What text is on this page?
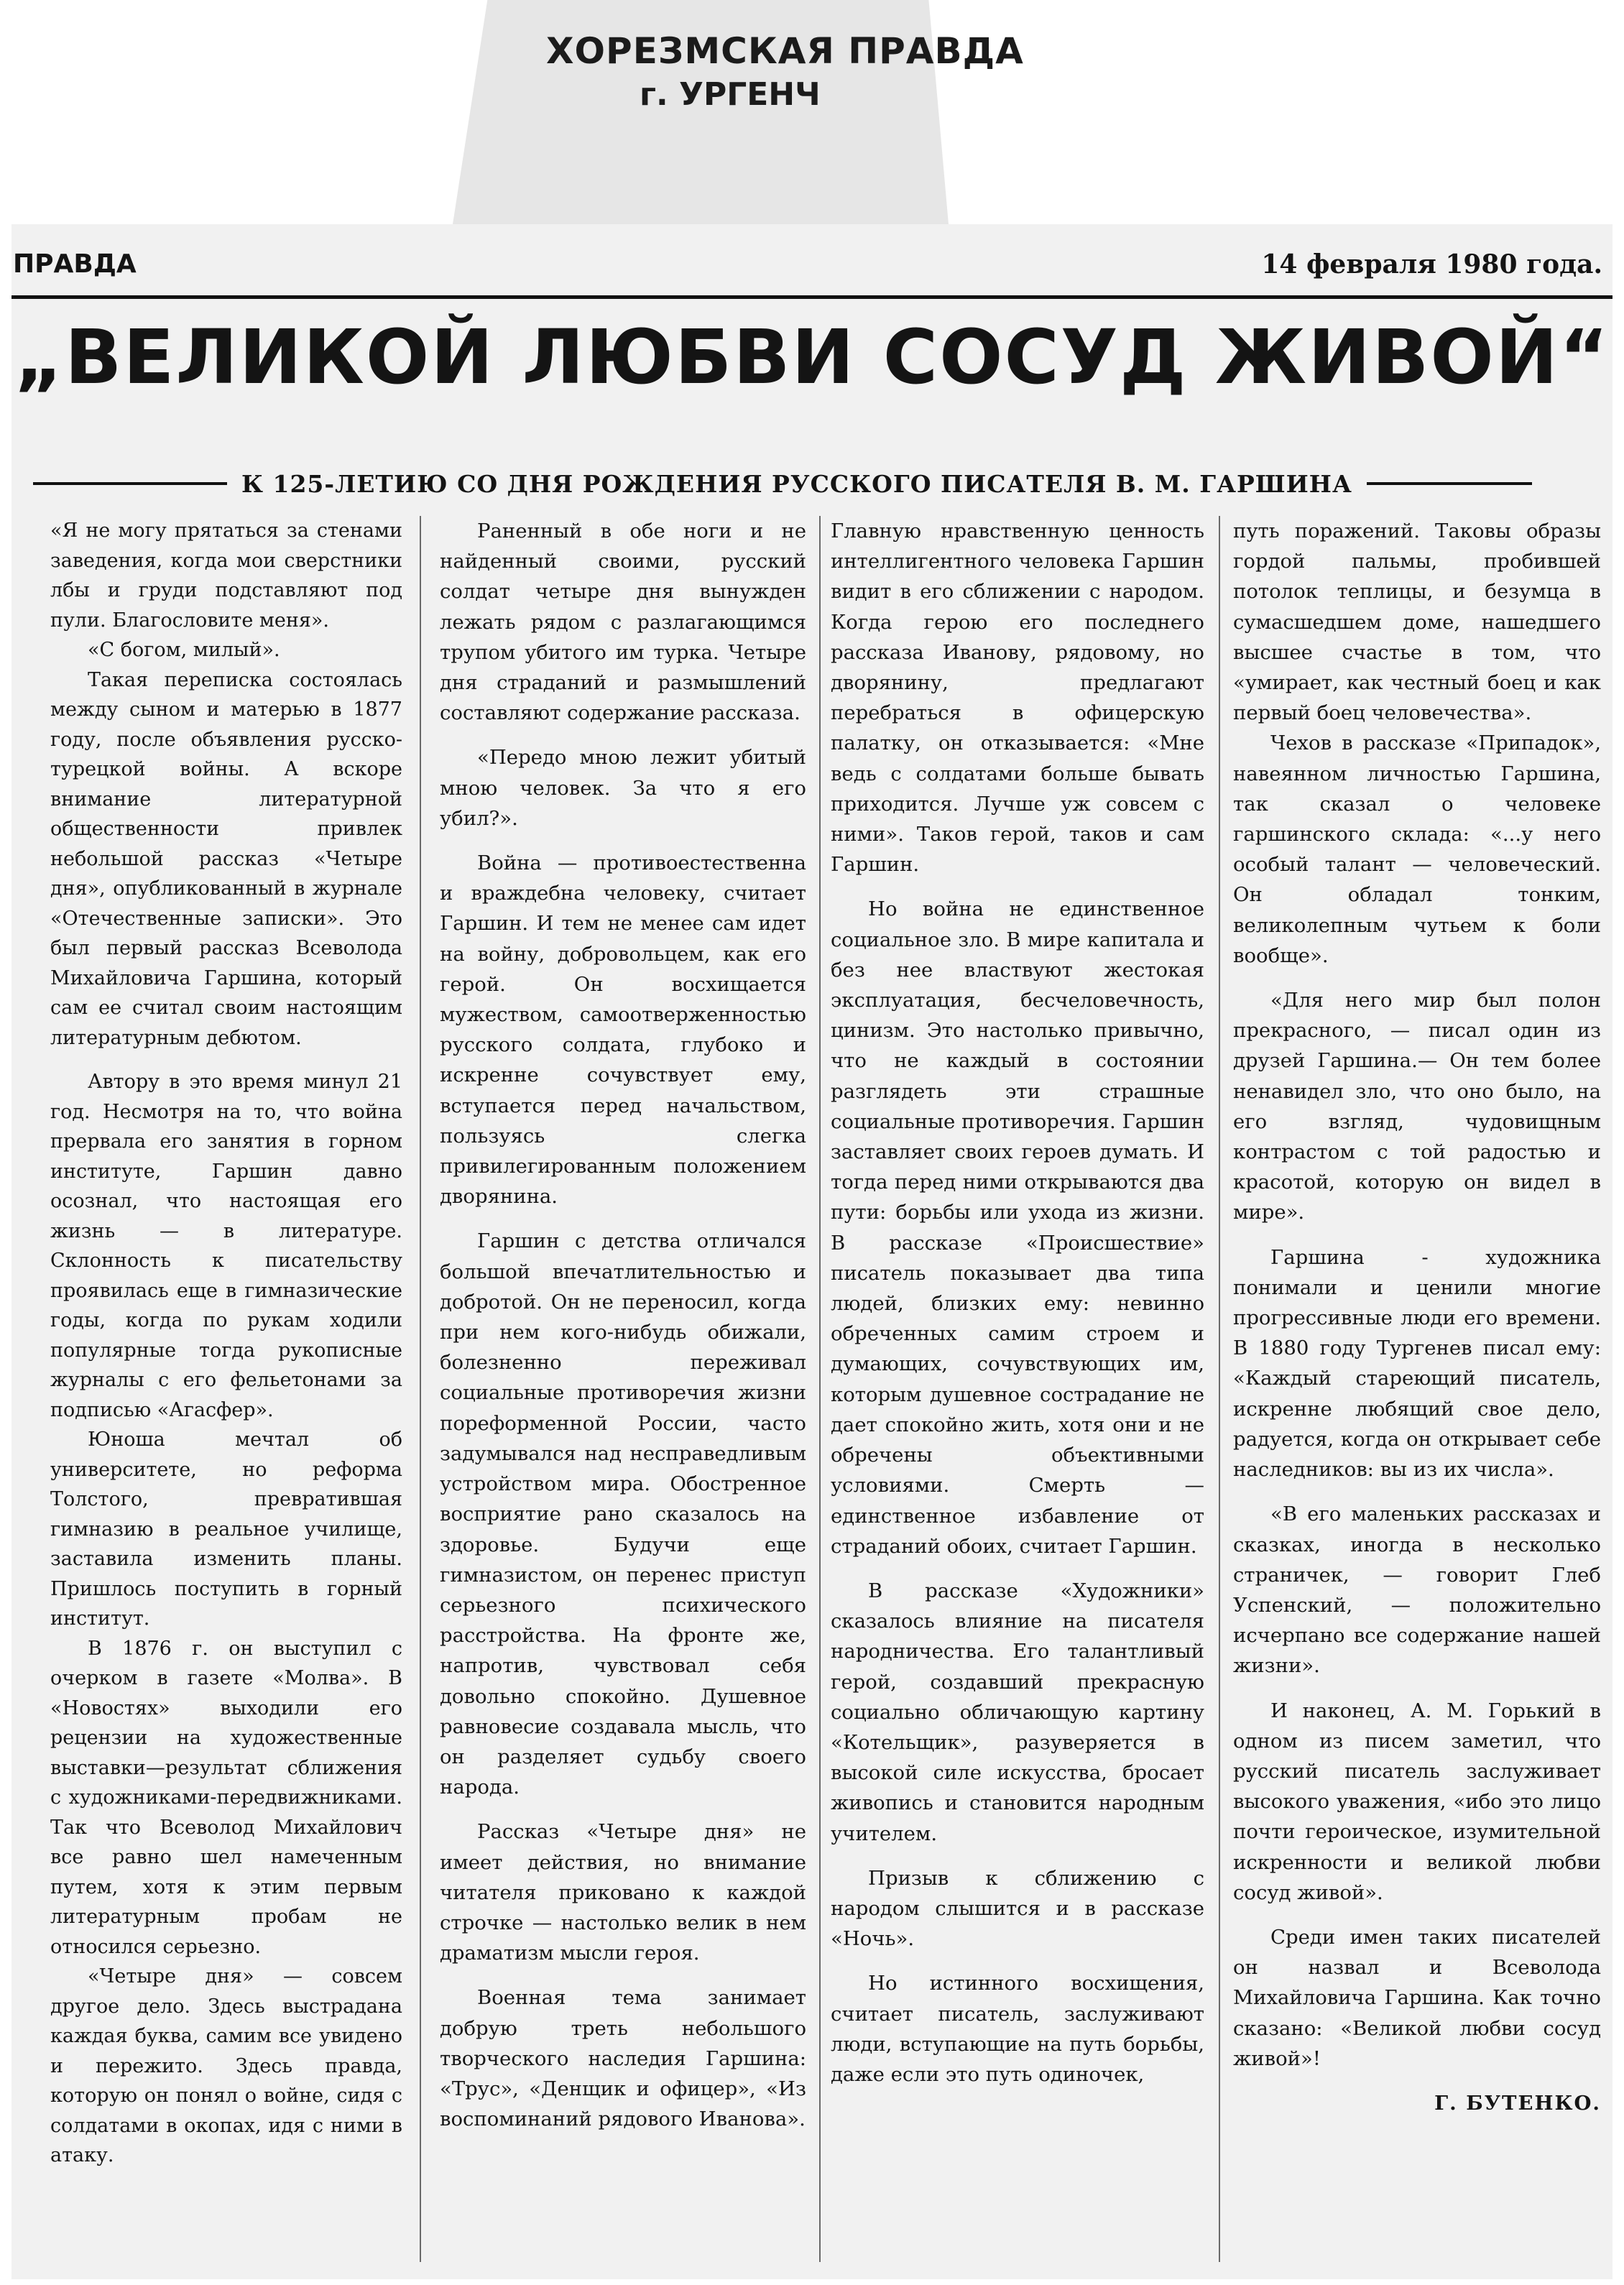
ХОРЕЗМСКАЯ ПРАВДА
г. УРГЕНЧ
ПРАВДА	14 февраля 1980 года.
„ВЕЛИКОЙ ЛЮБВИ СОСУД ЖИВОЙ“
К 125-ЛЕТИЮ СО ДНЯ РОЖДЕНИЯ РУССКОГО ПИСАТЕЛЯ В. М. ГАРШИНА

«Я не могу прятаться за стенами заведения, когда мои сверстники лбы и груди подставляют под пули. Благословите меня».

«С богом, милый».

Такая переписка состоялась между сыном и матерью в 1877 году, после объявления русско-турецкой войны. А вскоре внимание литературной общественности привлек небольшой рассказ «Четыре дня», опубликованный в журнале «Отечественные записки». Это был первый рассказ Всеволода Михайловича Гаршина, который сам ее считал своим настоящим литературным дебютом.

Автору в это время минул 21 год. Несмотря на то, что война прервала его занятия в горном институте, Гаршин давно осознал, что настоящая его жизнь — в литературе. Склонность к писательству проявилась еще в гимназические годы, когда по рукам ходили популярные тогда рукописные журналы с его фельетонами за подписью «Агасфер».

Юноша мечтал об университете, но реформа Толстого, превратившая гимназию в реальное училище, заставила изменить планы. Пришлось поступить в горный институт.

В 1876 г. он выступил с очерком в газете «Молва». В «Новостях» выходили его рецензии на художественные выставки—результат сближения с художниками-передвижниками. Так что Всеволод Михайлович все равно шел намеченным путем, хотя к этим первым литературным пробам не относился серьезно.

«Четыре дня» — совсем другое дело. Здесь выстрадана каждая буква, самим все увидено и пережито. Здесь правда, которую он понял о войне, сидя с солдатами в окопах, идя с ними в атаку.

Раненный в обе ноги и не найденный своими, русский солдат четыре дня вынужден лежать рядом с разлагающимся трупом убитого им турка. Четыре дня страданий и размышлений составляют содержание рассказа.

«Передо мною лежит убитый мною человек. За что я его убил?».

Война — противоестественна и враждебна человеку, считает Гаршин. И тем не менее сам идет на войну, добровольцем, как его герой. Он восхищается мужеством, самоотверженностью русского солдата, глубоко и искренне сочувствует ему, вступается перед начальством, пользуясь слегка привилегированным положением дворянина.

Гаршин с детства отличался большой впечатлительностью и добротой. Он не переносил, когда при нем кого-нибудь обижали, болезненно переживал социальные противоречия жизни пореформенной России, часто задумывался над несправедливым устройством мира. Обостренное восприятие рано сказалось на здоровье. Будучи еще гимназистом, он перенес приступ серьезного психического расстройства. На фронте же, напротив, чувствовал себя довольно спокойно. Душевное равновесие создавала мысль, что он разделяет судьбу своего народа.

Рассказ «Четыре дня» не имеет действия, но внимание читателя приковано к каждой строчке — настолько велик в нем драматизм мысли героя.

Военная тема занимает добрую треть небольшого творческого наследия Гаршина: «Трус», «Денщик и офицер», «Из воспоминаний рядового Иванова».

Главную нравственную ценность интеллигентного человека Гаршин видит в его сближении с народом. Когда герою его последнего рассказа Иванову, рядовому, но дворянину, предлагают перебраться в офицерскую палатку, он отказывается: «Мне ведь с солдатами больше бывать приходится. Лучше уж совсем с ними». Таков герой, таков и сам Гаршин.

Но война не единственное социальное зло. В мире капитала и без нее властвуют жестокая эксплуатация, бесчеловечность, цинизм. Это настолько привычно, что не каждый в состоянии разглядеть эти страшные социальные противоречия. Гаршин заставляет своих героев думать. И тогда перед ними открываются два пути: борьбы или ухода из жизни. В рассказе «Происшествие» писатель показывает два типа людей, близких ему: невинно обреченных самим строем и думающих, сочувствующих им, которым душевное сострадание не дает спокойно жить, хотя они и не обречены объективными условиями. Смерть — единственное избавление от страданий обоих, считает Гаршин.

В рассказе «Художники» сказалось влияние на писателя народничества. Его талантливый герой, создавший прекрасную социально обличающую картину «Котельщик», разуверяется в высокой силе искусства, бросает живопись и становится народным учителем.

Призыв к сближению с народом слышится и в рассказе «Ночь».

Но истинного восхищения, считает писатель, заслуживают люди, вступающие на путь борьбы, даже если это путь одиночек,

путь поражений. Таковы образы гордой пальмы, пробившей потолок теплицы, и безумца в сумасшедшем доме, нашедшего высшее счастье в том, что «умирает, как честный боец и как первый боец человечества».

Чехов в рассказе «Припадок», навеянном личностью Гаршина, так сказал о человеке гаршинского склада: «...у него особый талант — человеческий. Он обладал тонким, великолепным чутьем к боли вообще».

«Для него мир был полон прекрасного, — писал один из друзей Гаршина.— Он тем более ненавидел зло, что оно было, на его взгляд, чудовищным контрастом с той радостью и красотой, которую он видел в мире».

Гаршина - художника понимали и ценили многие прогрессивные люди его времени. В 1880 году Тургенев писал ему: «Каждый стареющий писатель, искренне любящий свое дело, радуется, когда он открывает себе наследников: вы из их числа».

«В его маленьких рассказах и сказках, иногда в несколько страничек, — говорит Глеб Успенский, — положительно исчерпано все содержание нашей жизни».

И наконец, А. М. Горький в одном из писем заметил, что русский писатель заслуживает высокого уважения, «ибо это лицо почти героическое, изумительной искренности и великой любви сосуд живой».

Среди имен таких писателей он назвал и Всеволода Михайловича Гаршина. Как точно сказано: «Великой любви сосуд живой»!

Г. БУТЕНКО.
